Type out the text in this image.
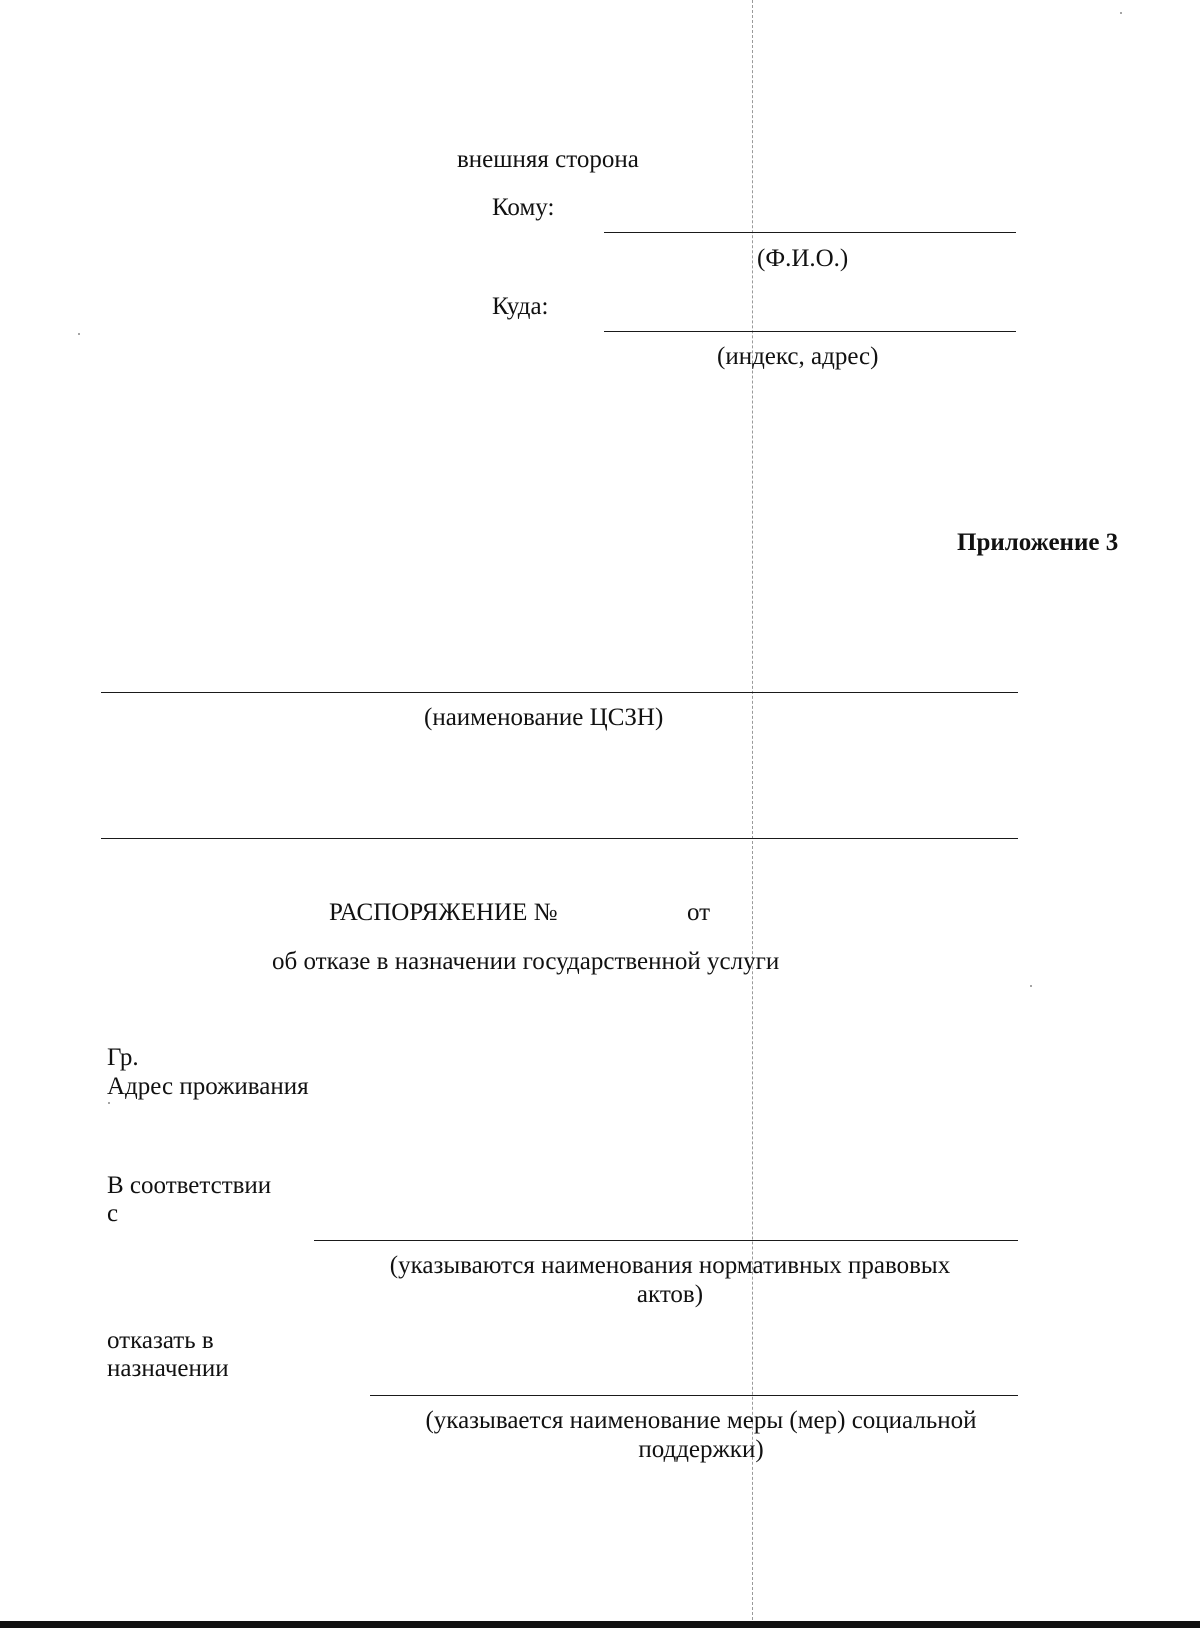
внешняя сторона
Кому:
(Ф.И.О.)
Куда:
(индекс, адрес)
Приложение 3
(наименование ЦСЗН)
РАСПОРЯЖЕНИЕ №	от
об отказе в назначении государственной услуги
Гр.
Адрес проживания
В соответствии
с
(указываются наименования нормативных правовых
актов)
отказать в
назначении
(указывается наименование меры (мер) социальной
поддержки)
